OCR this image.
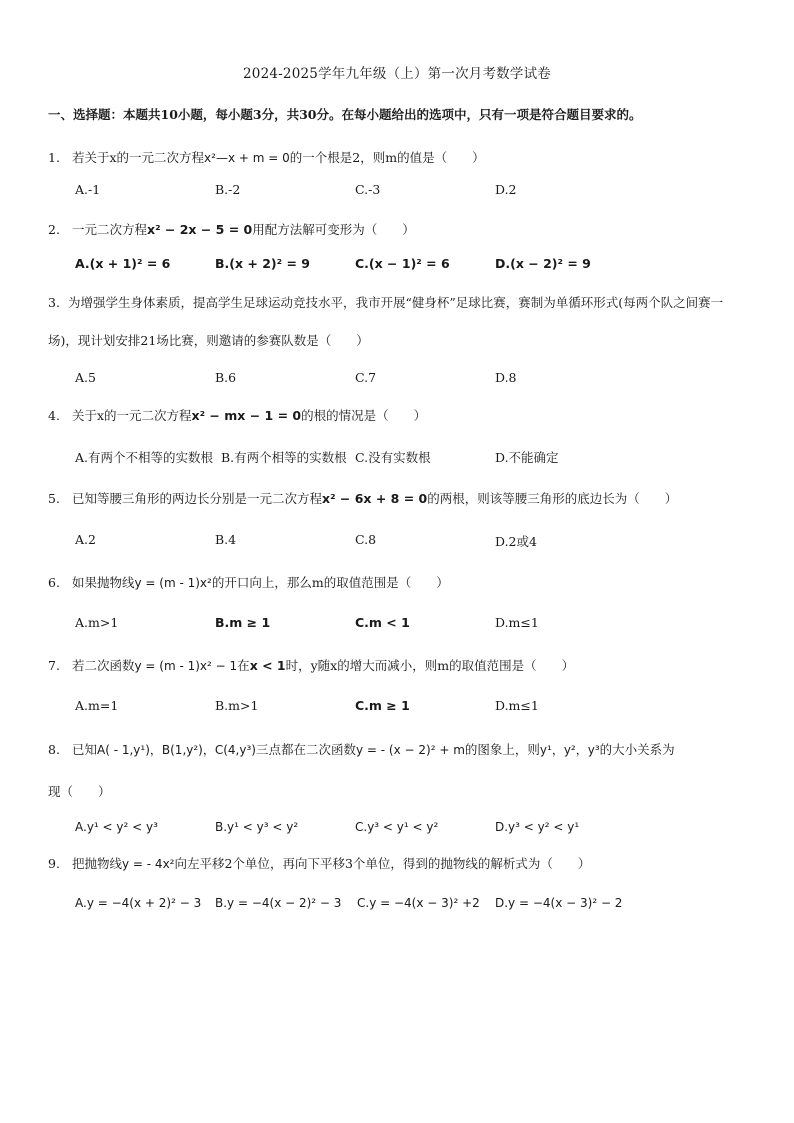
2024-2025学年九年级（上）第一次月考数学试卷
一、选择题：本题共10小题，每小题3分，共30分。在每小题给出的选项中，只有一项是符合题目要求的。
1. 若关于x的一元二次方程x²—x + m = 0的一个根是2，则m的值是（　　）
A.-1	B.-2	C.-3	D.2
2. 一元二次方程x² − 2x − 5 = 0用配方法解可变形为（　　）
A.(x + 1)² = 6	B.(x + 2)² = 9	C.(x − 1)² = 6	D.(x − 2)² = 9
3. 为增强学生身体素质，提高学生足球运动竞技水平，我市开展“健身杯”足球比赛，赛制为单循环形式(每两个队之间赛一场)，现计划安排21场比赛，则邀请的参赛队数是（　　）
A.5	B.6	C.7	D.8
4. 关于x的一元二次方程x² − mx − 1 = 0的根的情况是（　　）
A.有两个不相等的实数根 B.有两个相等的实数根 C.没有实数根	D.不能确定
5. 已知等腰三角形的两边长分别是一元二次方程x² − 6x + 8 = 0的两根，则该等腰三角形的底边长为（　　）
A.2	B.4	C.8	D.2或4
6. 如果抛物线y = (m - 1)x²的开口向上，那么m的取值范围是（　　）
A.m>1	B.m ≥ 1	C.m < 1	D.m≤1
7. 若二次函数y = (m - 1)x² − 1在x < 1时，y随x的增大而减小，则m的取值范围是（　　）
A.m=1	B.m>1	C.m ≥ 1	D.m≤1
8. 已知A( - 1,y¹)，B(1,y²)，C(4,y³)三点都在二次函数y = - (x − 2)² + m的图象上，则y¹，y²，y³的大小关系为
现（　　）
A.y¹ < y² < y³	B.y¹ < y³ < y²	C.y³ < y¹ < y²	D.y³ < y² < y¹
9. 把抛物线y = - 4x²向左平移2个单位，再向下平移3个单位，得到的抛物线的解析式为（　　）
A.y = −4(x + 2)² − 3 B.y = −4(x − 2)² − 3 C.y = −4(x − 3)² +2 D.y = −4(x − 3)² − 2
